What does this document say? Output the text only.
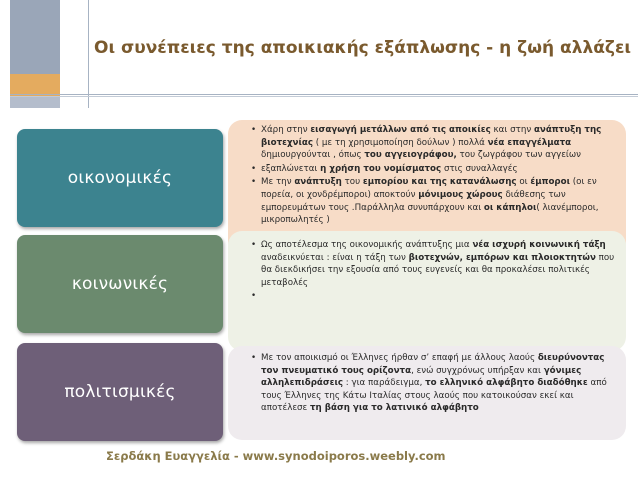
Οι συνέπειες της αποικιακής εξάπλωσης - η ζωή αλλάζει
• Χάρη στην εισαγωγή μετάλλων από τις αποικίες και στην ανάπτυξη της βιοτεχνίας ( με τη χρησιμοποίηση δούλων ) πολλά νέα επαγγέλματα δημιουργούνται , όπως του αγγειογράφου, του ζωγράφου των αγγείων
• εξαπλώνεται η χρήση του νομίσματος στις συναλλαγές
• Με την ανάπτυξη του εμπορίου και της κατανάλωσης οι έμποροι (οι εν πορεία, οι χονδρέμποροι) αποκτούν μόνιμους χώρους διάθεσης των εμπορευμάτων τους .Παράλληλα συνυπάρχουν και οι κάπηλοι( λιανέμποροι, μικροπωλητές )
οικονομικές
• Ως αποτέλεσμα της οικονομικής ανάπτυξης μια νέα ισχυρή κοινωνική τάξη αναδεικνύεται : είναι η τάξη των βιοτεχνών, εμπόρων και πλοιοκτητών που θα διεκδικήσει την εξουσία από τους ευγενείς και θα προκαλέσει πολιτικές μεταβολές
•
κοινωνικές
• Με τον αποικισμό οι Έλληνες ήρθαν σ’ επαφή με άλλους λαούς διευρύνοντας τον πνευματικό τους ορίζοντα, ενώ συγχρόνως υπήρξαν και γόνιμες αλληλεπιδράσεις : για παράδειγμα, το ελληνικό αλφάβητο διαδόθηκε από τους Έλληνες της Κάτω Ιταλίας στους λαούς που κατοικούσαν εκεί και αποτέλεσε τη βάση για το λατινικό αλφάβητο
πολιτισμικές
Σερδάκη Ευαγγελία - www.synodoiporos.weebly.com
